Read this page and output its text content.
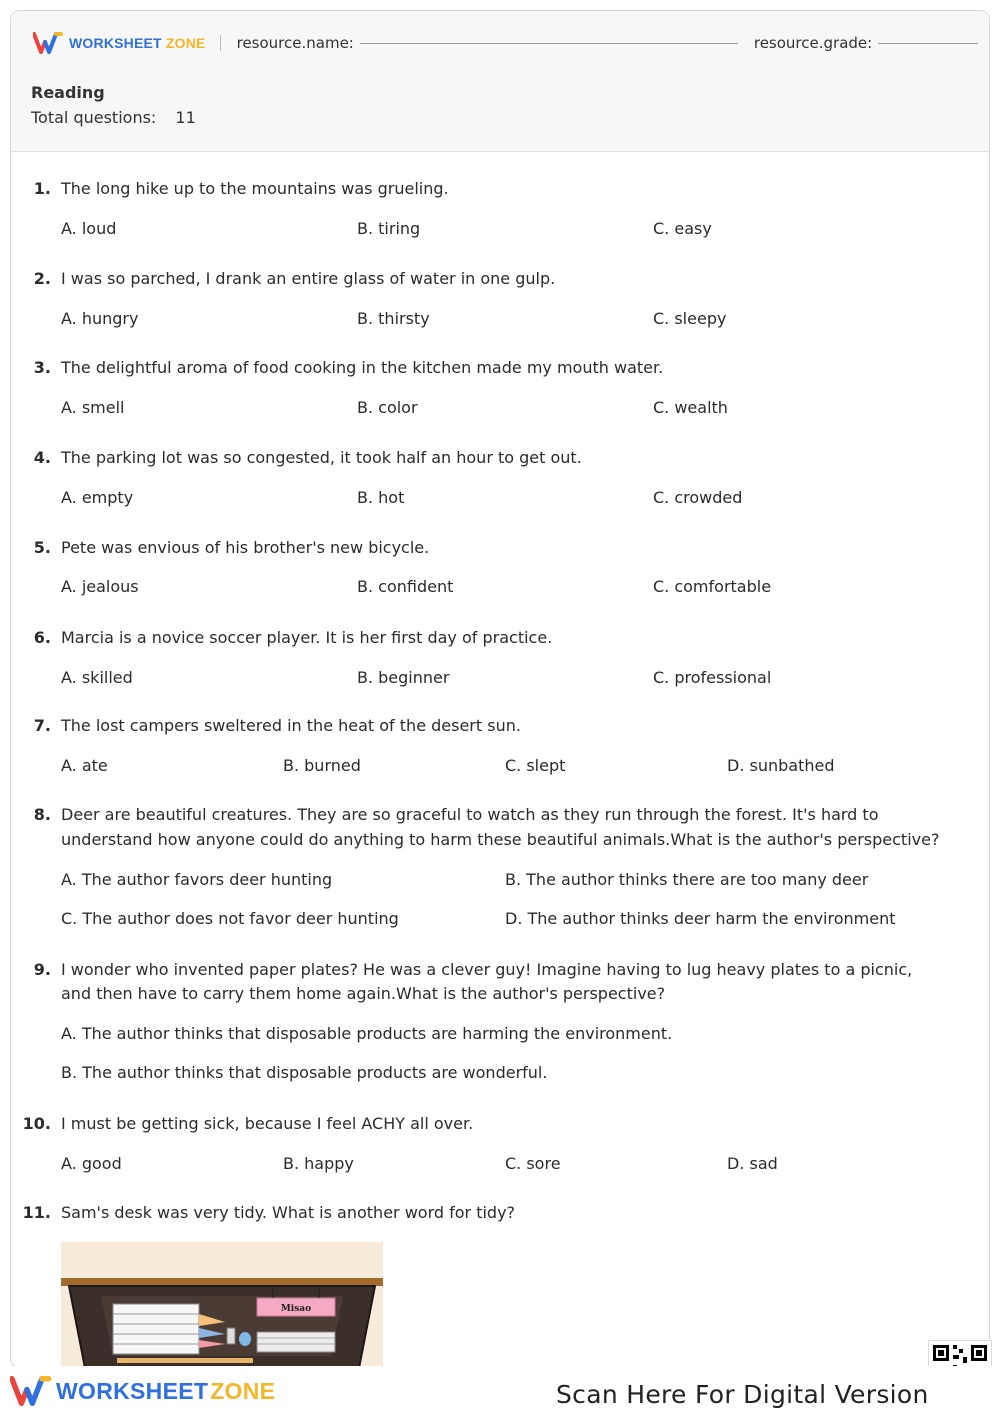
WORKSHEET ZONE resource.name:	resource.grade:
Reading
Total questions: 11
1. The long hike up to the mountains was grueling.
A. loud	B. tiring	C. easy
2. I was so parched, I drank an entire glass of water in one gulp.
A. hungry	B. thirsty	C. sleepy
3. The delightful aroma of food cooking in the kitchen made my mouth water.
A. smell	B. color	C. wealth
4. The parking lot was so congested, it took half an hour to get out.
A. empty	B. hot	C. crowded
5. Pete was envious of his brother's new bicycle.
A. jealous	B. confident	C. comfortable
6. Marcia is a novice soccer player. It is her first day of practice.
A. skilled	B. beginner	C. professional
7. The lost campers sweltered in the heat of the desert sun.
A. ate	B. burned	C. slept	D. sunbathed
8. Deer are beautiful creatures. They are so graceful to watch as they run through the forest. It's hard to
understand how anyone could do anything to harm these beautiful animals.What is the author's perspective?
A. The author favors deer hunting	B. The author thinks there are too many deer
C. The author does not favor deer hunting	D. The author thinks deer harm the environment
9. I wonder who invented paper plates? He was a clever guy! Imagine having to lug heavy plates to a picnic,
and then have to carry them home again.What is the author's perspective?
A. The author thinks that disposable products are harming the environment.
B. The author thinks that disposable products are wonderful.
10. I must be getting sick, because I feel ACHY all over.
A. good	B. happy	C. sore	D. sad
11. Sam's desk was very tidy. What is another word for tidy?
Misao
WORKSHEETZONE	Scan Here For Digital Version
